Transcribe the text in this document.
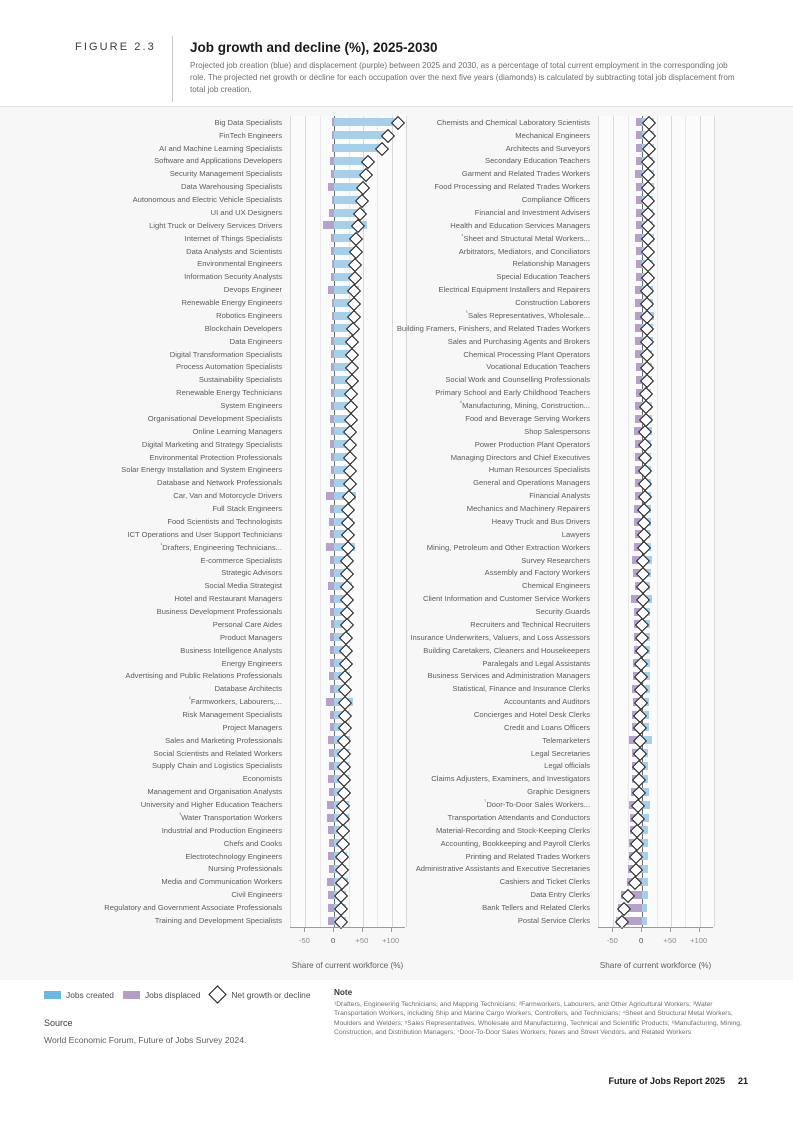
FIGURE 2.3	Job growth and decline (%), 2025-2030
Projected job creation (blue) and displacement (purple) between 2025 and 2030, as a percentage of total current employment in the corresponding job role. The projected net growth or decline for each occupation over the next five years (diamonds) is calculated by subtracting total job displacement from total job creation.
Big Data Specialists
FinTech Engineers
AI and Machine Learning Specialists
Software and Applications Developers
Security Management Specialists
Data Warehousing Specialists
Autonomous and Electric Vehicle Specialists
UI and UX Designers
Light Truck or Delivery Services Drivers
Internet of Things Specialists
Data Analysts and Scientists
Environmental Engineers
Information Security Analysts
Devops Engineer
Renewable Energy Engineers
Robotics Engineers
Blockchain Developers
Data Engineers
Digital Transformation Specialists
Process Automation Specialists
Sustainability Specialists
Renewable Energy Technicians
System Engineers
Organisational Development Specialists
Online Learning Managers
Digital Marketing and Strategy Specialists
Environmental Protection Professionals
Solar Energy Installation and System Engineers
Database and Network Professionals
Car, Van and Motorcycle Drivers
Full Stack Engineers
Food Scientists and Technologists
ICT Operations and User Support Technicians
$^{^1}$Drafters, Engineering Technicians...
E-commerce Specialists
Strategic Advisors
Social Media Strategist
Hotel and Restaurant Managers
Business Development Professionals
Personal Care Aides
Product Managers
Business Intelligence Analysts
Energy Engineers
Advertising and Public Relations Professionals
Database Architects
$^{^2}$Farmworkers, Labourers,...
Risk Management Specialists
Project Managers
Sales and Marketing Professionals
Social Scientists and Related Workers
Supply Chain and Logistics Specialists
Economists
Management and Organisation Analysts
University and Higher Education Teachers
$^{^3}$Water Transportation Workers
Industrial and Production Engineers
Chefs and Cooks
Electrotechnology Engineers
Nursing Professionals
Media and Communication Workers
Civil Engineers
Regulatory and Government Associate Professionals
Training and Development Specialists
-50	0	+50	+100
Share of current workforce (%)
Chemists and Chemical Laboratory Scientists
Mechanical Engineers
Architects and Surveyors
Secondary Education Teachers
Garment and Related Trades Workers
Food Processing and Related Trades Workers
Compliance Officers
Financial and Investment Advisers
Health and Education Services Managers
$^{^4}$Sheet and Structural Metal Workers...
Arbitrators, Mediators, and Conciliators
Relationship Managers
Special Education Teachers
Electrical Equipment Installers and Repairers
Construction Laborers
$^{^5}$Sales Representatives, Wholesale...
Building Framers, Finishers, and Related Trades Workers
Sales and Purchasing Agents and Brokers
Chemical Processing Plant Operators
Vocational Education Teachers
Social Work and Counselling Professionals
Primary School and Early Childhood Teachers
$^{^6}$Manufacturing, Mining, Construction...
Food and Beverage Serving Workers
Shop Salespersons
Power Production Plant Operators
Managing Directors and Chief Executives
Human Resources Specialists
General and Operations Managers
Financial Analysts
Mechanics and Machinery Repairers
Heavy Truck and Bus Drivers
Lawyers
Mining, Petroleum and Other Extraction Workers
Survey Researchers
Assembly and Factory Workers
Chemical Engineers
Client Information and Customer Service Workers
Security Guards
Recruiters and Technical Recruiters
Insurance Underwriters, Valuers, and Loss Assessors
Building Caretakers, Cleaners and Housekeepers
Paralegals and Legal Assistants
Business Services and Administration Managers
Statistical, Finance and Insurance Clerks
Accountants and Auditors
Concierges and Hotel Desk Clerks
Credit and Loans Officers
Telemarketers
Legal Secretaries
Legal officials
Claims Adjusters, Examiners, and Investigators
Graphic Designers
$^{^7}$Door-To-Door Sales Workers...
Transportation Attendants and Conductors
Material-Recording and Stock-Keeping Clerks
Accounting, Bookkeeping and Payroll Clerks
Printing and Related Trades Workers
Administrative Assistants and Executive Secretaries
Cashiers and Ticket Clerks
Data Entry Clerks
Bank Tellers and Related Clerks
Postal Service Clerks
-50	0	+50	+100
Share of current workforce (%)
Jobs created	Jobs displaced	Net growth or decline
Source
World Economic Forum, Future of Jobs Survey 2024.
Note
¹Drafters, Engineering Technicians, and Mapping Technicians; ²Farmworkers, Labourers, and Other Agricultural Workers; ³Water Transportation Workers, including Ship and Marine Cargo Workers, Controllers, and Technicians; ⁴Sheet and Structural Metal Workers, Moulders and Welders; ⁵Sales Representatives, Wholesale and Manufacturing, Technical and Scientific Products; ⁶Manufacturing, Mining, Construction, and Distribution Managers; ⁷Door-To-Door Sales Workers, News and Street Vendors, and Related Workers
Future of Jobs Report 2025 21
